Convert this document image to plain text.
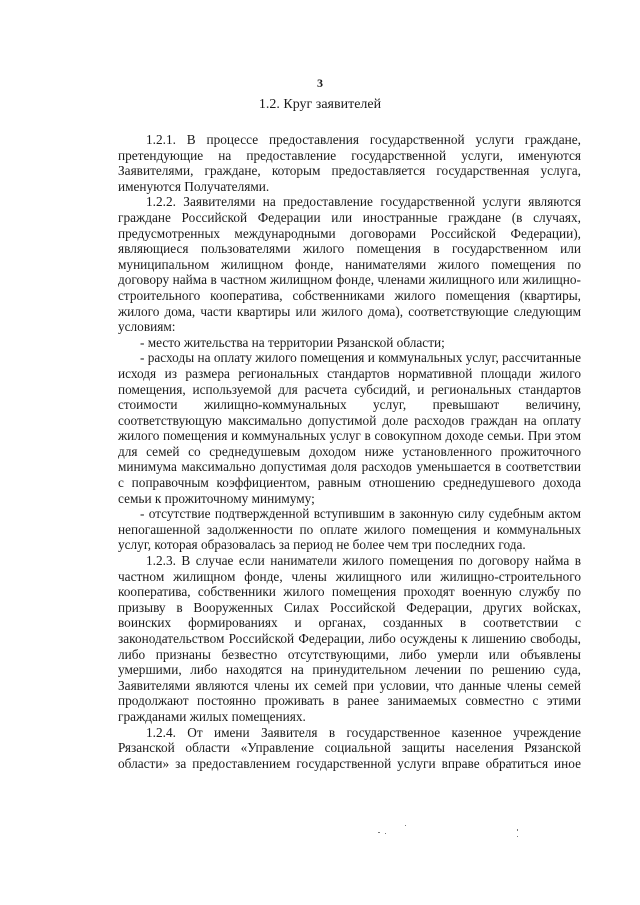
3
1.2. Круг заявителей

1.2.1. В процессе предоставления государственной услуги граждане, претендующие на предоставление государственной услуги, именуются Заявителями, граждане, которым предоставляется государственная услуга, именуются Получателями.

1.2.2. Заявителями на предоставление государственной услуги являются граждане Российской Федерации или иностранные граждане (в случаях, предусмотренных международными договорами Российской Федерации), являющиеся пользователями жилого помещения в государственном или муниципальном жилищном фонде, нанимателями жилого помещения по договору найма в частном жилищном фонде, членами жилищного или жилищно-строительного кооператива, собственниками жилого помещения (квартиры, жилого дома, части квартиры или жилого дома), соответствующие следующим условиям:

- место жительства на территории Рязанской области;

- расходы на оплату жилого помещения и коммунальных услуг, рассчитанные исходя из размера региональных стандартов нормативной площади жилого помещения, используемой для расчета субсидий, и региональных стандартов стоимости жилищно-коммунальных услуг, превышают величину, соответствующую максимально допустимой доле расходов граждан на оплату жилого помещения и коммунальных услуг в совокупном доходе семьи. При этом для семей со среднедушевым доходом ниже установленного прожиточного минимума максимально допустимая доля расходов уменьшается в соответствии с поправочным коэффициентом, равным отношению среднедушевого дохода семьи к прожиточному минимуму;

- отсутствие подтвержденной вступившим в законную силу судебным актом непогашенной задолженности по оплате жилого помещения и коммунальных услуг, которая образовалась за период не более чем три последних года.

1.2.3. В случае если наниматели жилого помещения по договору найма в частном жилищном фонде, члены жилищного или жилищно-строительного кооператива, собственники жилого помещения проходят военную службу по призыву в Вооруженных Силах Российской Федерации, других войсках, воинских формированиях и органах, созданных в соответствии с законодательством Российской Федерации, либо осуждены к лишению свободы, либо признаны безвестно отсутствующими, либо умерли или объявлены умершими, либо находятся на принудительном лечении по решению суда, Заявителями являются члены их семей при условии, что данные члены семей продолжают постоянно проживать в ранее занимаемых совместно с этими гражданами жилых помещениях.

1.2.4. От имени Заявителя в государственное казенное учреждение Рязанской области «Управление социальной защиты населения Рязанской области» за предоставлением государственной услуги вправе обратиться иное
